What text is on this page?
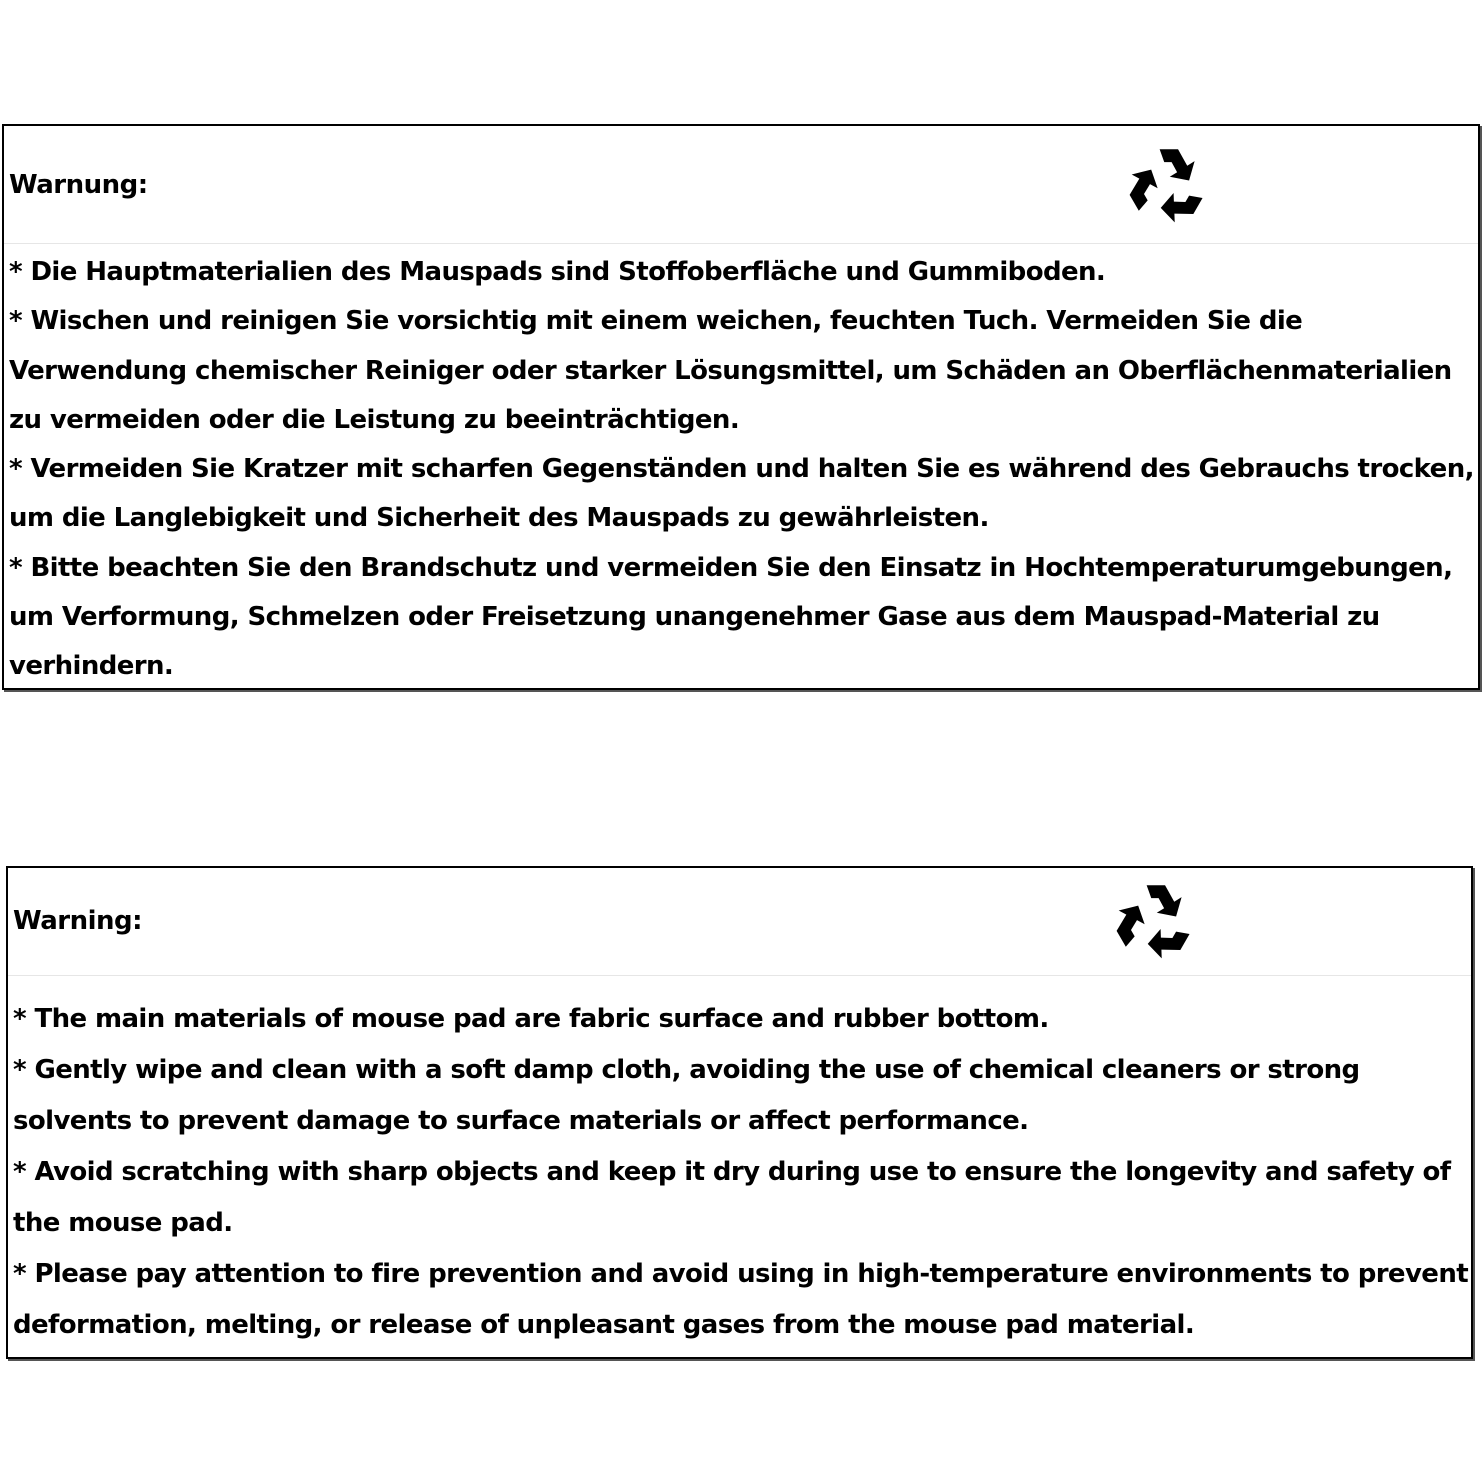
Warnung:

* Die Hauptmaterialien des Mauspads sind Stoffoberfläche und Gummiboden.

* Wischen und reinigen Sie vorsichtig mit einem weichen, feuchten Tuch. Vermeiden Sie die Verwendung chemischer Reiniger oder starker Lösungsmittel, um Schäden an Oberflächenmaterialien zu vermeiden oder die Leistung zu beeinträchtigen.

* Vermeiden Sie Kratzer mit scharfen Gegenständen und halten Sie es während des Gebrauchs trocken, um die Langlebigkeit und Sicherheit des Mauspads zu gewährleisten.

* Bitte beachten Sie den Brandschutz und vermeiden Sie den Einsatz in Hochtemperaturumgebungen, um Verformung, Schmelzen oder Freisetzung unangenehmer Gase aus dem Mauspad-Material zu verhindern.

Warning:

* The main materials of mouse pad are fabric surface and rubber bottom.

* Gently wipe and clean with a soft damp cloth, avoiding the use of chemical cleaners or strong solvents to prevent damage to surface materials or affect performance.

* Avoid scratching with sharp objects and keep it dry during use to ensure the longevity and safety of the mouse pad.

* Please pay attention to fire prevention and avoid using in high-temperature environments to prevent deformation, melting, or release of unpleasant gases from the mouse pad material.
